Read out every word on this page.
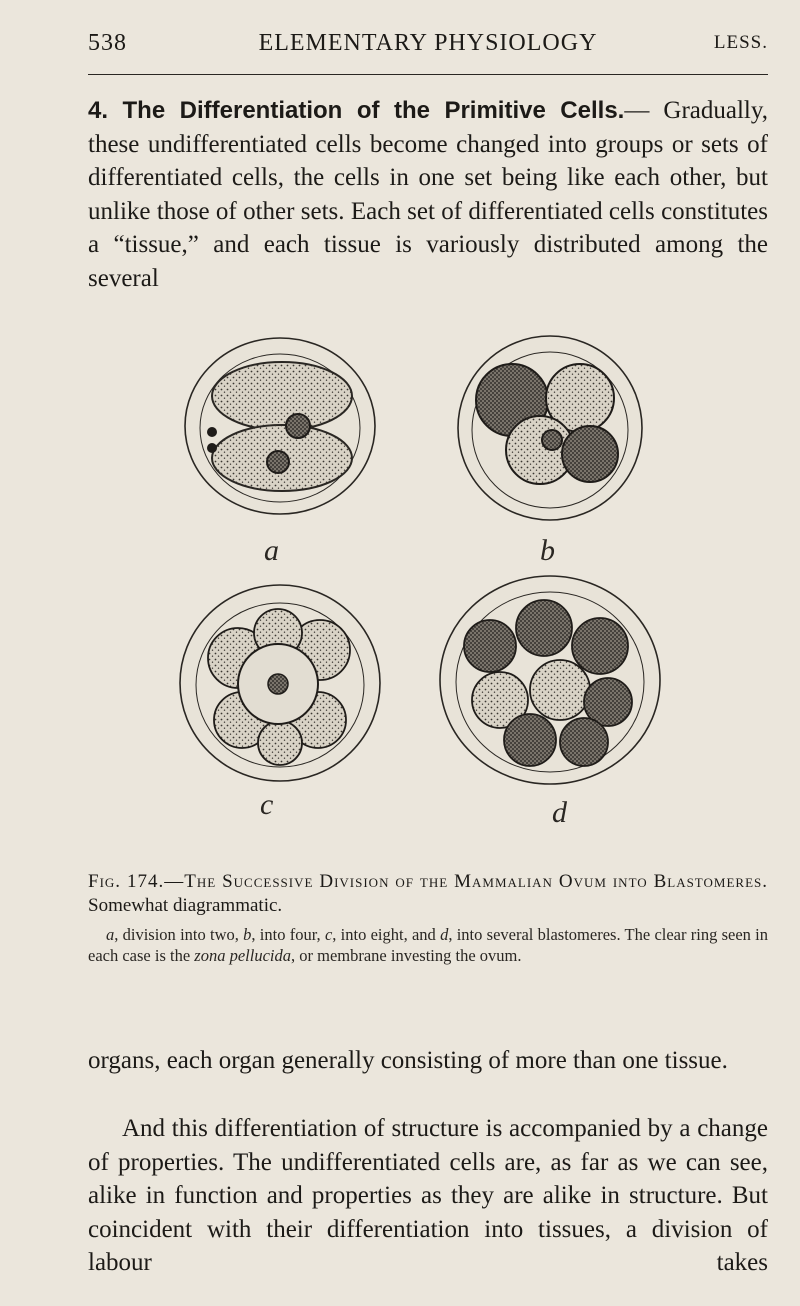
538	ELEMENTARY PHYSIOLOGY	LESS.

4. The Differentiation of the Primitive Cells.— Gradually, these undifferentiated cells become changed into groups or sets of differentiated cells, the cells in one set being like each other, but unlike those of other sets. Each set of differentiated cells constitutes a “tissue,” and each tissue is variously distributed among the several

a	b
c	d

Fig. 174.—The Successive Division of the Mammalian Ovum into Blastomeres. Somewhat diagrammatic.

a, division into two, b, into four, c, into eight, and d, into several blastomeres. The clear ring seen in each case is the zona pellucida, or membrane investing the ovum.

organs, each organ generally consisting of more than one tissue.

And this differentiation of structure is accompanied by a change of properties. The undifferentiated cells are, as far as we can see, alike in function and properties as they are alike in structure. But coincident with their differentiation into tissues, a division of labour takes
